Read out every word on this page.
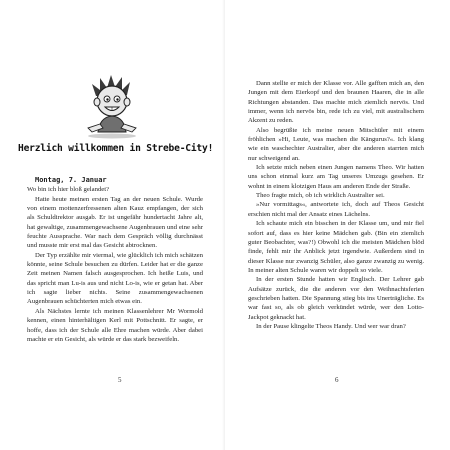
Herzlich willkommen in Strebe-City!

Montag, 7. Januar

Wo bin ich hier bloß gelandet?

Hatte heute meinen ersten Tag an der neuen Schule. Wurde von einem mottenzerfressenen alten Kauz empfangen, der sich als Schuldirektor ausgab. Er ist ungefähr hundertacht Jahre alt, hat gewaltige, zusammengewachsene Augenbrauen und eine sehr feuchte Aussprache. War nach dem Gespräch völlig durchnässt und musste mir erst mal das Gesicht abtrocknen.

Der Typ erzählte mir viermal, wie glücklich ich mich schätzen könnte, seine Schule besuchen zu dürfen. Leider hat er die ganze Zeit meinen Namen falsch ausgesprochen. Ich heiße Luis, und das spricht man Lu-is aus und nicht Lo-is, wie er getan hat. Aber ich sagte lieber nichts. Seine zusammengewachsenen Augenbrauen schüchterten mich etwas ein.

Als Nächstes lernte ich meinen Klassenlehrer Mr Wormold kennen, einen hinterhältigen Kerl mit Pottschnitt. Er sagte, er hoffe, dass ich der Schule alle Ehre machen würde. Aber dabei machte er ein Gesicht, als würde er das stark bezweifeln.

5

Dann stellte er mich der Klasse vor. Alle gafften mich an, den Jungen mit dem Eierkopf und den braunen Haaren, die in alle Richtungen abstanden. Das machte mich ziemlich nervös. Und immer, wenn ich nervös bin, rede ich zu viel, mit australischem Akzent zu reden.

Also begrüßte ich meine neuen Mitschüler mit einem fröhlichen »Hi, Leute, was machen die Kängurus?«. Ich klang wie ein waschechter Australier, aber die anderen starrten mich nur schweigend an.

Ich setzte mich neben einen Jungen namens Theo. Wir hatten uns schon einmal kurz am Tag unseres Umzugs gesehen. Er wohnt in einem klotzigen Haus am anderen Ende der Straße.

Theo fragte mich, ob ich wirklich Australier sei.

»Nur vormittags«, antwortete ich, doch auf Theos Gesicht erschien nicht mal der Ansatz eines Lächelns.

Ich schaute mich ein bisschen in der Klasse um, und mir fiel sofort auf, dass es hier keine Mädchen gab. (Bin ein ziemlich guter Beobachter, was?!) Obwohl ich die meisten Mädchen blöd finde, fehlt mir ihr Anblick jetzt irgendwie. Außerdem sind in dieser Klasse nur zwanzig Schüler, also ganze zwanzig zu wenig. In meiner alten Schule waren wir doppelt so viele.

In der ersten Stunde hatten wir Englisch. Der Lehrer gab Aufsätze zurück, die die anderen vor den Weihnachtsferien geschrieben hatten. Die Spannung stieg bis ins Unerträgliche. Es war fast so, als ob gleich verkündet würde, wer den Lotto-Jackpot geknackt hat.

In der Pause klingelte Theos Handy. Und wer war dran?

6
